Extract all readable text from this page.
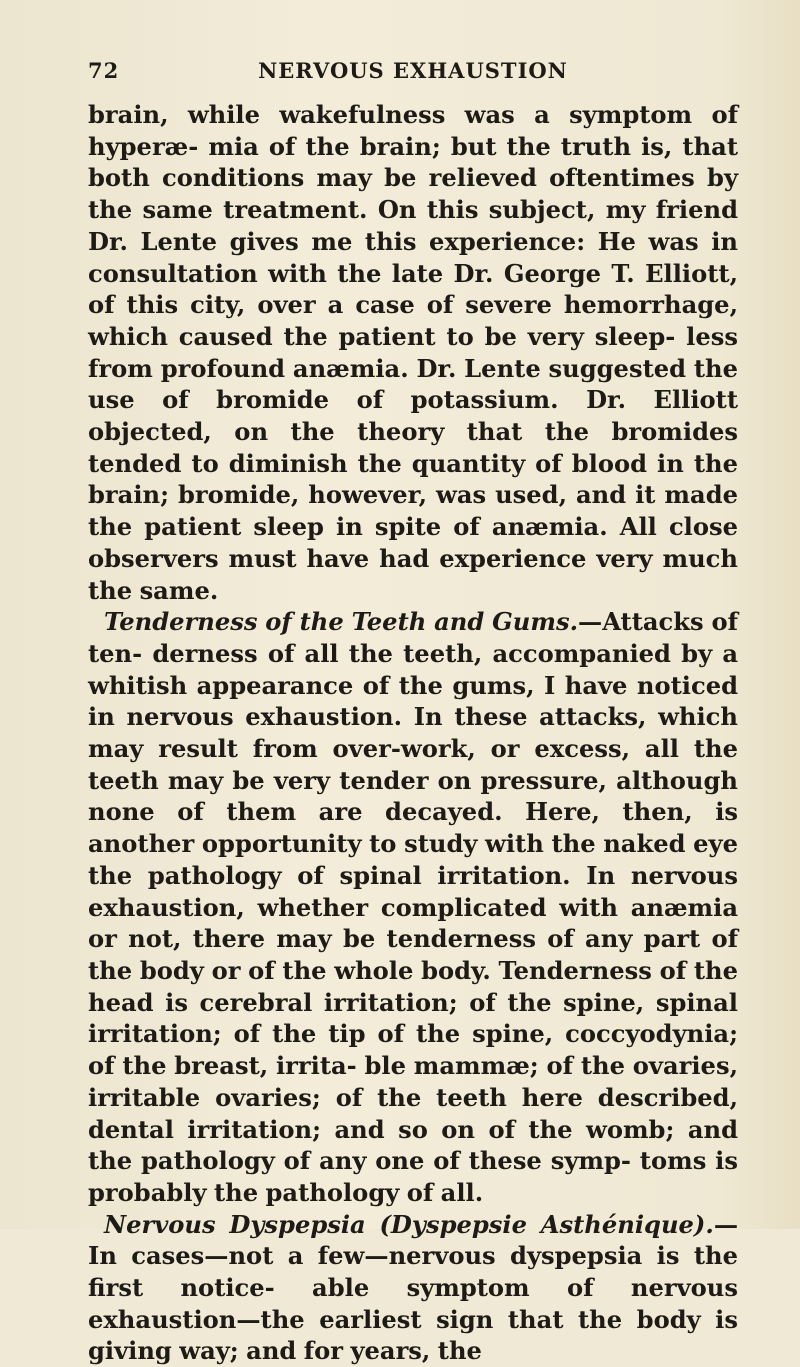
72	NERVOUS EXHAUSTION

brain, while wakefulness was a symptom of hyperæ- mia of the brain; but the truth is, that both conditions may be relieved oftentimes by the same treatment. On this subject, my friend Dr. Lente gives me this experience: He was in consultation with the late Dr. George T. Elliott, of this city, over a case of severe hemorrhage, which caused the patient to be very sleep- less from profound anæmia. Dr. Lente suggested the use of bromide of potassium. Dr. Elliott objected, on the theory that the bromides tended to diminish the quantity of blood in the brain; bromide, however, was used, and it made the patient sleep in spite of anæmia. All close observers must have had experience very much the same.

Tenderness of the Teeth and Gums.—Attacks of ten- derness of all the teeth, accompanied by a whitish appearance of the gums, I have noticed in nervous exhaustion. In these attacks, which may result from over-work, or excess, all the teeth may be very tender on pressure, although none of them are decayed. Here, then, is another opportunity to study with the naked eye the pathology of spinal irritation. In nervous exhaustion, whether complicated with anæmia or not, there may be tenderness of any part of the body or of the whole body. Tenderness of the head is cerebral irritation; of the spine, spinal irritation; of the tip of the spine, coccyodynia; of the breast, irrita- ble mammæ; of the ovaries, irritable ovaries; of the teeth here described, dental irritation; and so on of the womb; and the pathology of any one of these symp- toms is probably the pathology of all.

Nervous Dyspepsia (Dyspepsie Asthénique).—In cases—not a few—nervous dyspepsia is the first notice- able symptom of nervous exhaustion—the earliest sign that the body is giving way; and for years, the
